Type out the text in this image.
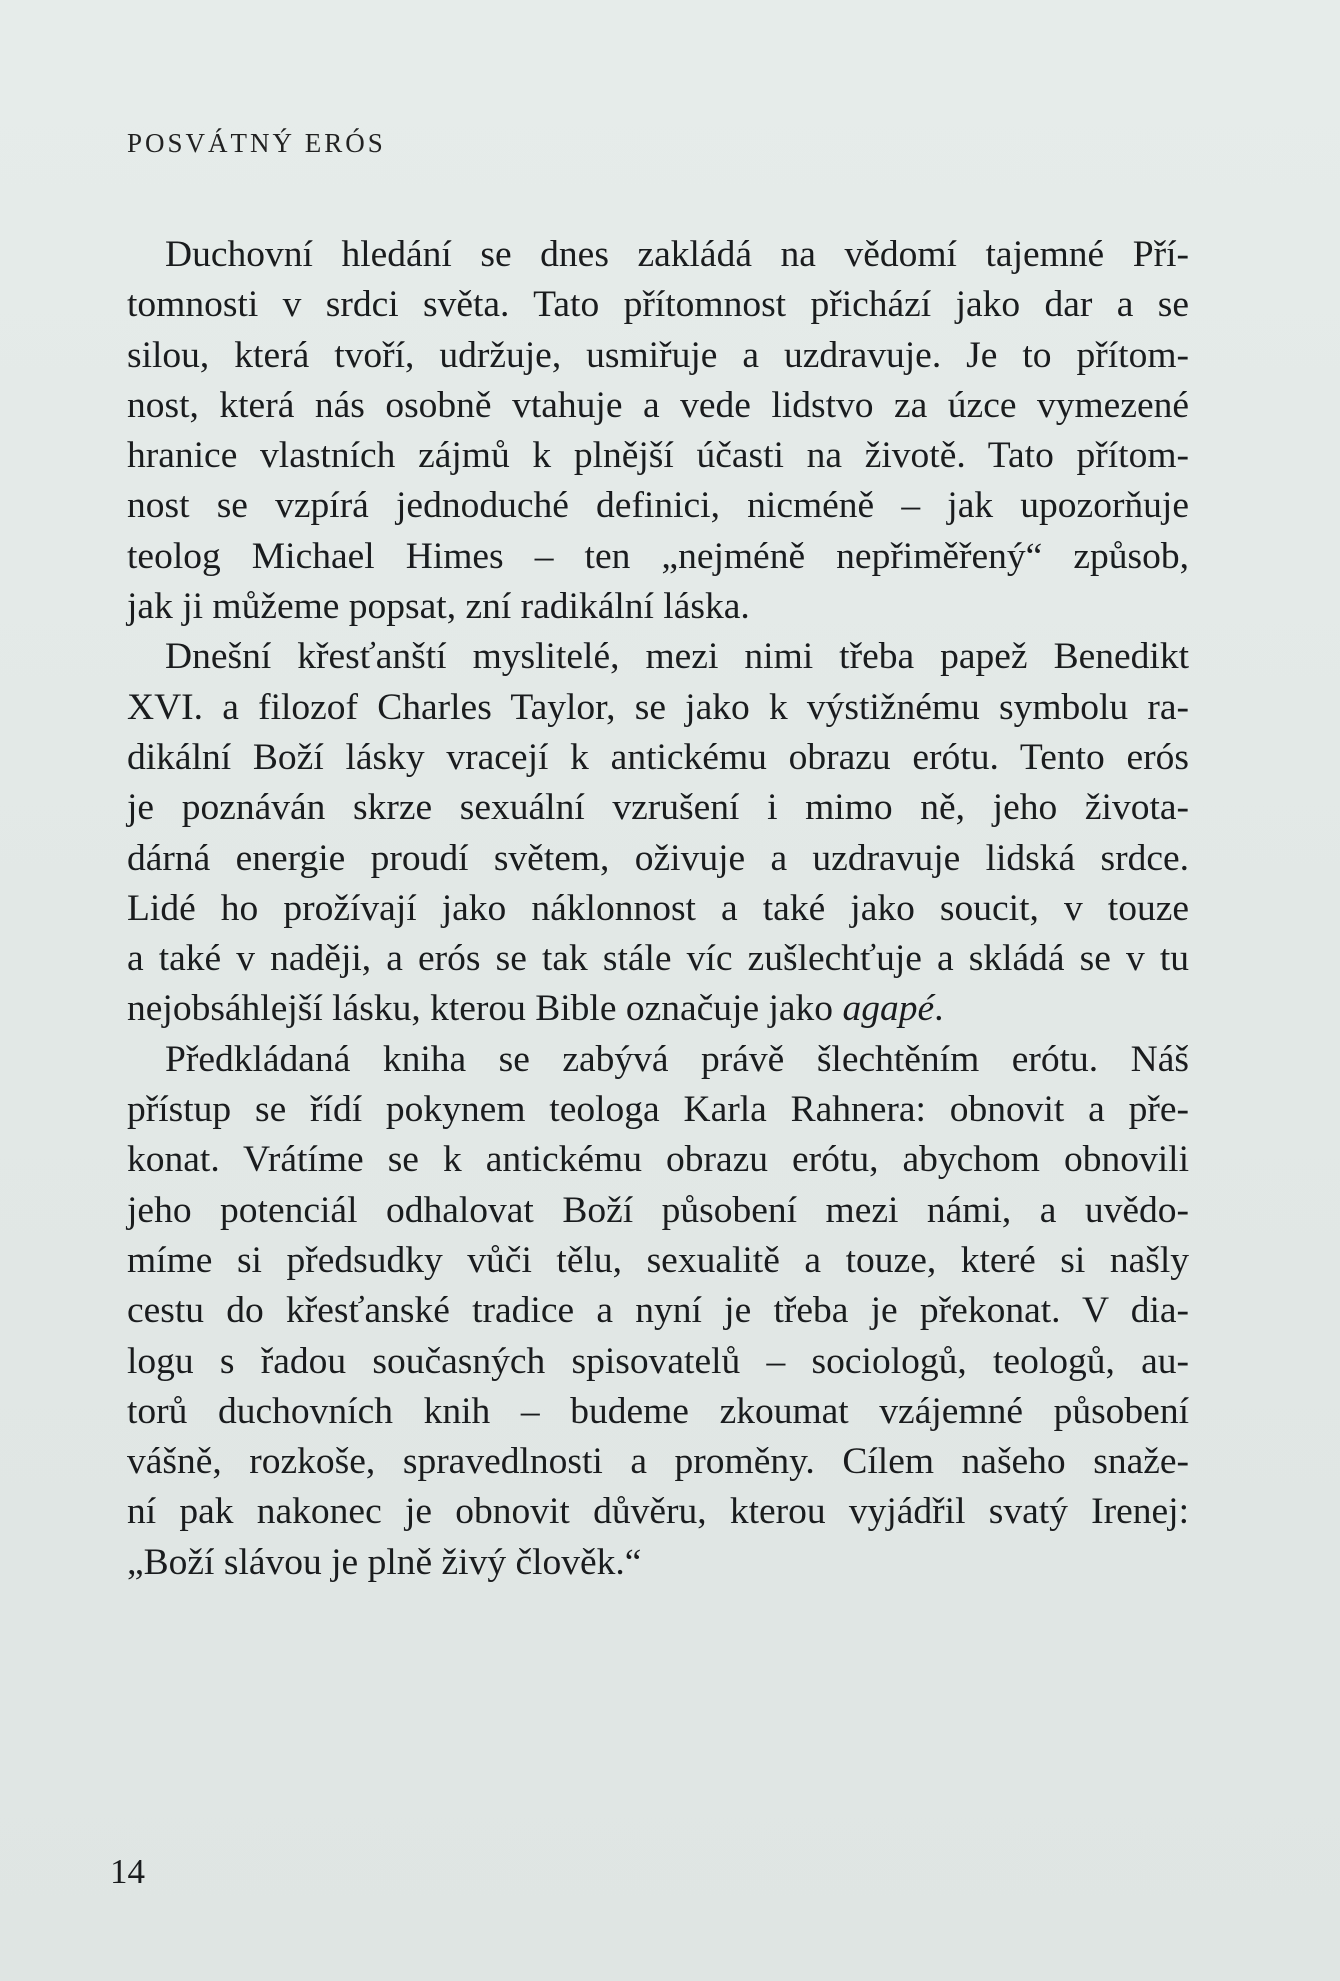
POSVÁTNÝ ERÓS
Duchovní hledání se dnes zakládá na vědomí tajemné Pří-
tomnosti v srdci světa. Tato přítomnost přichází jako dar a se
silou, která tvoří, udržuje, usmiřuje a uzdravuje. Je to přítom-
nost, která nás osobně vtahuje a vede lidstvo za úzce vymezené
hranice vlastních zájmů k plnější účasti na životě. Tato přítom-
nost se vzpírá jednoduché definici, nicméně – jak upozorňuje
teolog Michael Himes – ten „nejméně nepřiměřený“ způsob,
jak ji můžeme popsat, zní radikální láska.
Dnešní křesťanští myslitelé, mezi nimi třeba papež Benedikt
XVI. a filozof Charles Taylor, se jako k výstižnému symbolu ra-
dikální Boží lásky vracejí k antickému obrazu erótu. Tento erós
je poznáván skrze sexuální vzrušení i mimo ně, jeho života-
dárná energie proudí světem, oživuje a uzdravuje lidská srdce.
Lidé ho prožívají jako náklonnost a také jako soucit, v touze
a také v naději, a erós se tak stále víc zušlechťuje a skládá se v tu
nejobsáhlejší lásku, kterou Bible označuje jako agapé.
Předkládaná kniha se zabývá právě šlechtěním erótu. Náš
přístup se řídí pokynem teologa Karla Rahnera: obnovit a pře-
konat. Vrátíme se k antickému obrazu erótu, abychom obnovili
jeho potenciál odhalovat Boží působení mezi námi, a uvědo-
míme si předsudky vůči tělu, sexualitě a touze, které si našly
cestu do křesťanské tradice a nyní je třeba je překonat. V dia-
logu s řadou současných spisovatelů – sociologů, teologů, au-
torů duchovních knih – budeme zkoumat vzájemné působení
vášně, rozkoše, spravedlnosti a proměny. Cílem našeho snaže-
ní pak nakonec je obnovit důvěru, kterou vyjádřil svatý Irenej:
„Boží slávou je plně živý člověk.“
14
